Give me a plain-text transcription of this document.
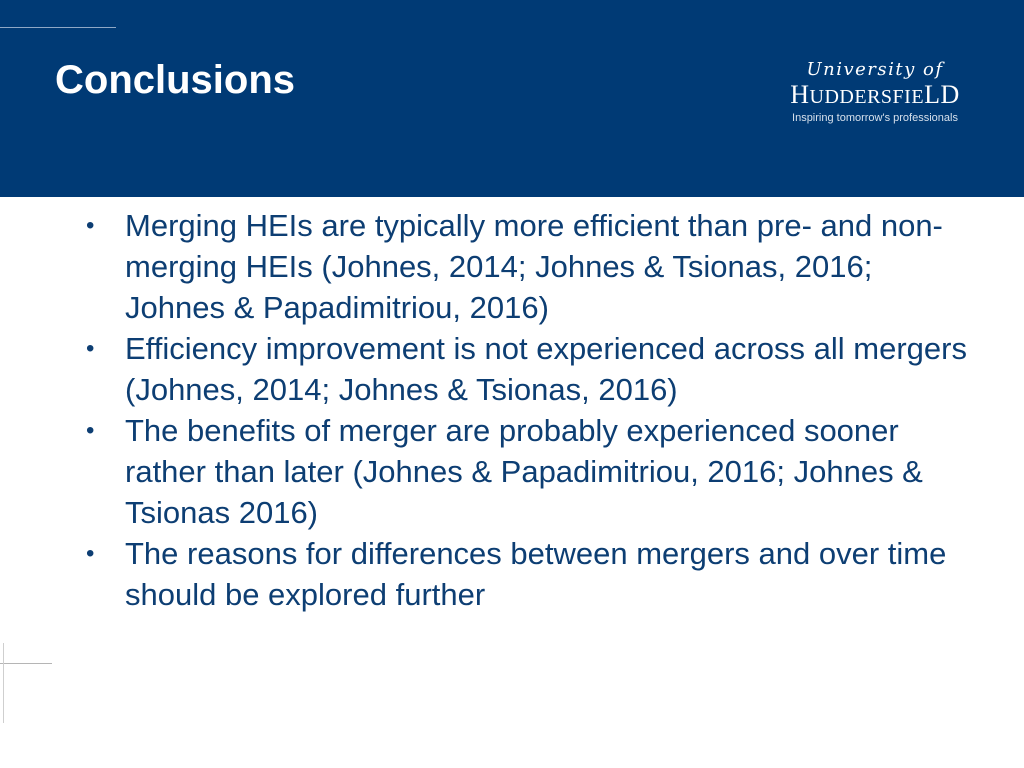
Conclusions	University of
HUDDERSFIELD
Inspiring tomorrow's professionals
• Merging HEIs are typically more efficient than pre- and non-merging HEIs (Johnes, 2014; Johnes & Tsionas, 2016; Johnes & Papadimitriou, 2016)
• Efficiency improvement is not experienced across all mergers (Johnes, 2014; Johnes & Tsionas, 2016)
• The benefits of merger are probably experienced sooner rather than later (Johnes & Papadimitriou, 2016; Johnes & Tsionas 2016)
• The reasons for differences between mergers and over time should be explored further
